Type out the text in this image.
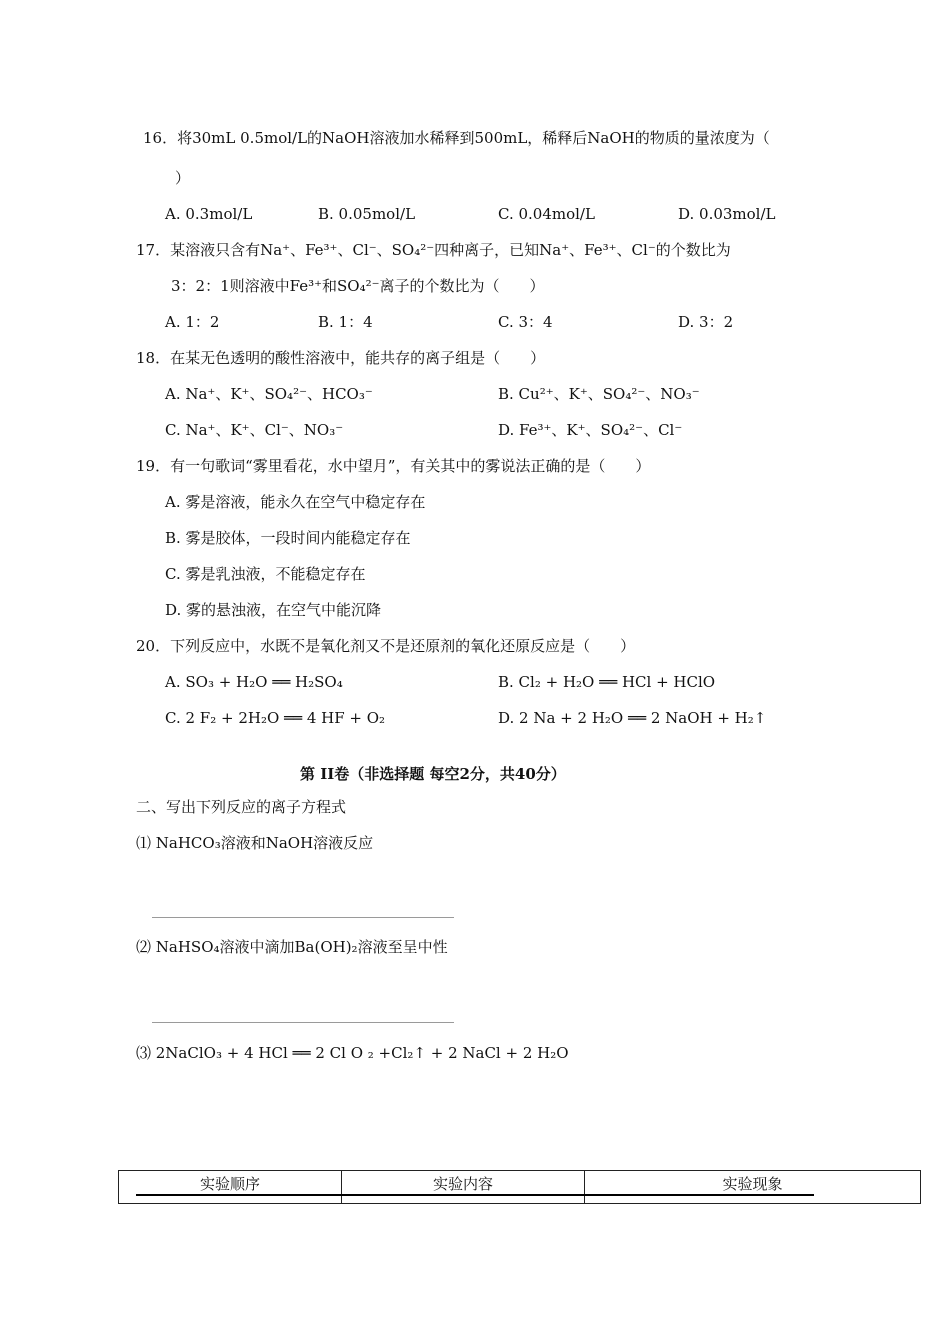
16．将30mL 0.5mol/L的NaOH溶液加水稀释到500mL，稀释后NaOH的物质的量浓度为（
）
A. 0.3mol/L	B. 0.05mol/L	C. 0.04mol/L	D. 0.03mol/L
17．某溶液只含有Na⁺、Fe³⁺、Cl⁻、SO₄²⁻四种离子，已知Na⁺、Fe³⁺、Cl⁻的个数比为
3：2：1则溶液中Fe³⁺和SO₄²⁻离子的个数比为（　　）
A. 1：2	B. 1：4	C. 3：4	D. 3：2
18．在某无色透明的酸性溶液中，能共存的离子组是（　　）
A. Na⁺、K⁺、SO₄²⁻、HCO₃⁻	B. Cu²⁺、K⁺、SO₄²⁻、NO₃⁻
C. Na⁺、K⁺、Cl⁻、NO₃⁻	D. Fe³⁺、K⁺、SO₄²⁻、Cl⁻
19．有一句歌词“雾里看花，水中望月”，有关其中的雾说法正确的是（　　）
A. 雾是溶液，能永久在空气中稳定存在
B. 雾是胶体，一段时间内能稳定存在
C. 雾是乳浊液，不能稳定存在
D. 雾的悬浊液，在空气中能沉降
20．下列反应中，水既不是氧化剂又不是还原剂的氧化还原反应是（　　）
A. SO₃ + H₂O ══ H₂SO₄	B. Cl₂ + H₂O ══ HCl + HClO
C. 2 F₂ + 2H₂O ══ 4 HF + O₂	D. 2 Na + 2 H₂O ══ 2 NaOH + H₂↑
第 II卷（非选择题 每空2分，共40分）
二、写出下列反应的离子方程式
⑴ NaHCO₃溶液和NaOH溶液反应
⑵ NaHSO₄溶液中滴加Ba(OH)₂溶液至呈中性
⑶ 2NaClO₃ + 4 HCl ══ 2 Cl O ₂ +Cl₂↑ + 2 NaCl + 2 H₂O
实验顺序	实验内容	实验现象
